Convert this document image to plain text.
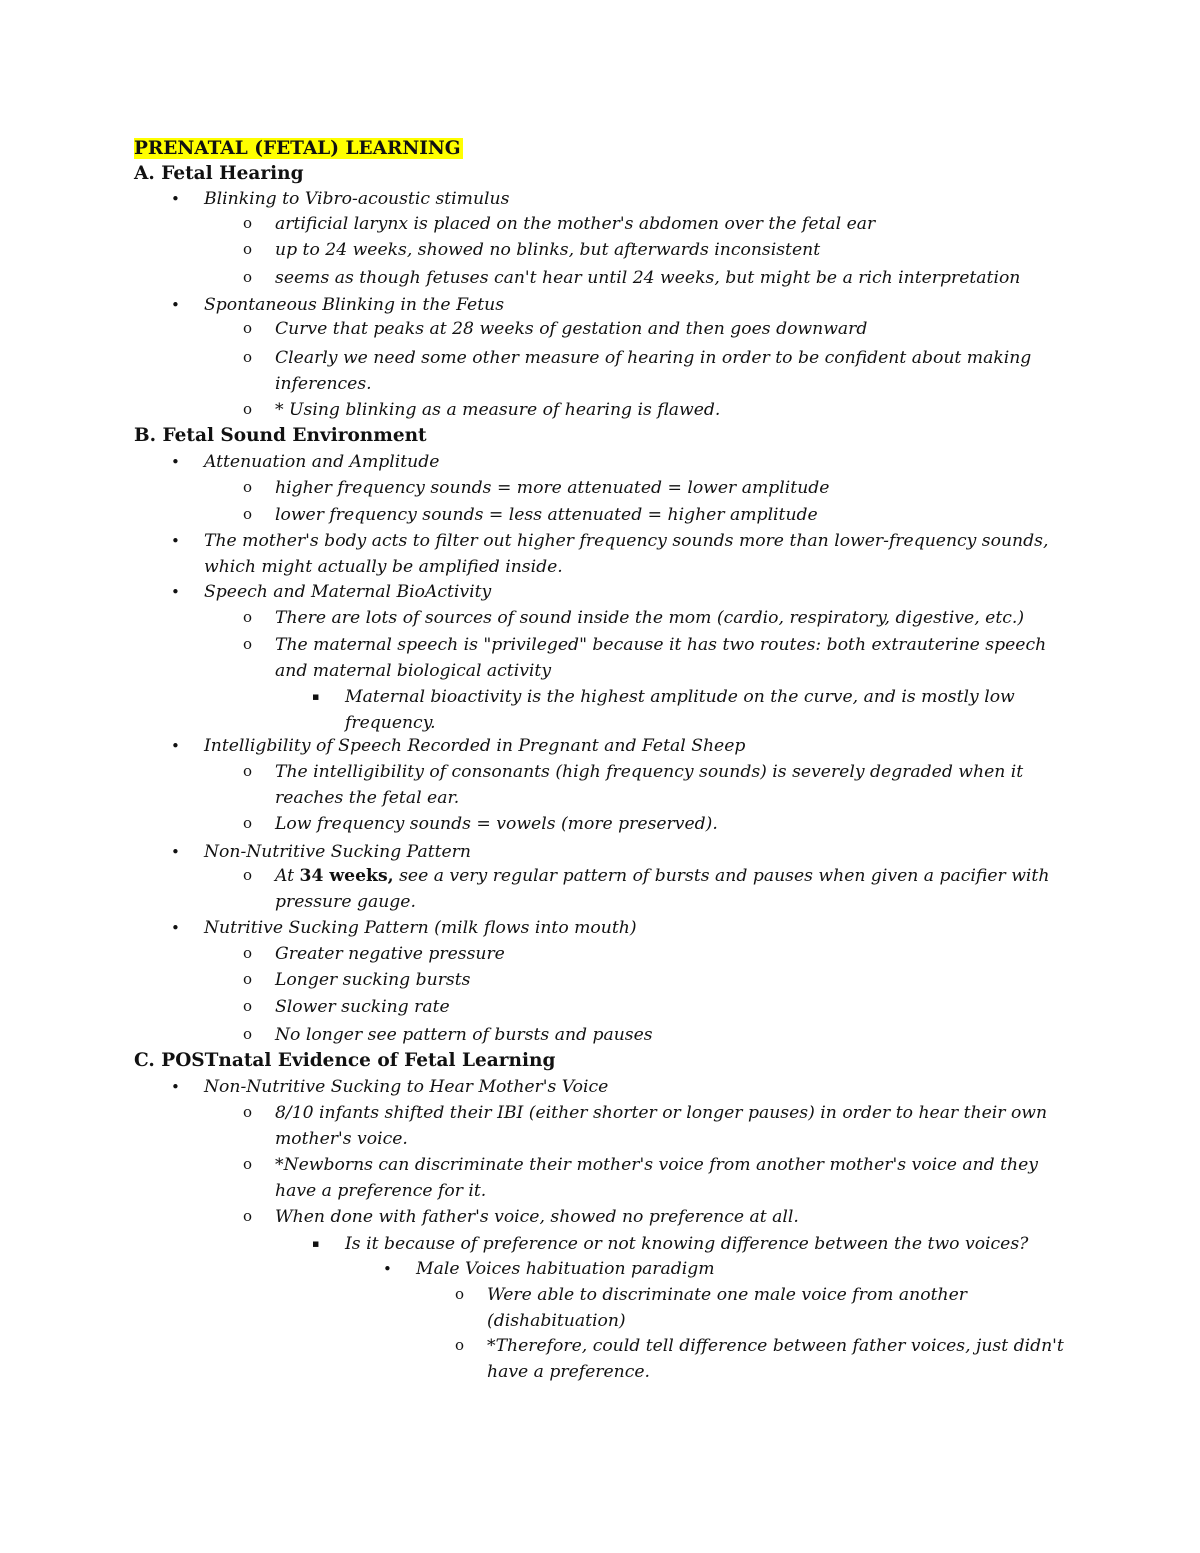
PRENATAL (FETAL) LEARNING
A. Fetal Hearing

• Blinking to Vibro-acoustic stimulus

o artificial larynx is placed on the mother's abdomen over the fetal ear

o up to 24 weeks, showed no blinks, but afterwards inconsistent

o seems as though fetuses can't hear until 24 weeks, but might be a rich interpretation

• Spontaneous Blinking in the Fetus

o Curve that peaks at 28 weeks of gestation and then goes downward

o Clearly we need some other measure of hearing in order to be confident about making inferences.

o * Using blinking as a measure of hearing is flawed.

B. Fetal Sound Environment

• Attenuation and Amplitude

o higher frequency sounds = more attenuated = lower amplitude

o lower frequency sounds = less attenuated = higher amplitude

• The mother's body acts to filter out higher frequency sounds more than lower-frequency sounds, which might actually be amplified inside.

• Speech and Maternal BioActivity

o There are lots of sources of sound inside the mom (cardio, respiratory, digestive, etc.)

o The maternal speech is "privileged" because it has two routes: both extrauterine speech and maternal biological activity

▪ Maternal bioactivity is the highest amplitude on the curve, and is mostly low frequency.

• Intelligbility of Speech Recorded in Pregnant and Fetal Sheep

o The intelligibility of consonants (high frequency sounds) is severely degraded when it reaches the fetal ear.

o Low frequency sounds = vowels (more preserved).

• Non-Nutritive Sucking Pattern

o At 34 weeks, see a very regular pattern of bursts and pauses when given a pacifier with pressure gauge.

• Nutritive Sucking Pattern (milk flows into mouth)

o Greater negative pressure

o Longer sucking bursts

o Slower sucking rate

o No longer see pattern of bursts and pauses

C. POSTnatal Evidence of Fetal Learning

• Non-Nutritive Sucking to Hear Mother's Voice

o 8/10 infants shifted their IBI (either shorter or longer pauses) in order to hear their own mother's voice.

o *Newborns can discriminate their mother's voice from another mother's voice and they have a preference for it.

o When done with father's voice, showed no preference at all.

▪ Is it because of preference or not knowing difference between the two voices?

• Male Voices habituation paradigm

o Were able to discriminate one male voice from another (dishabituation)

o *Therefore, could tell difference between father voices, just didn't have a preference.
